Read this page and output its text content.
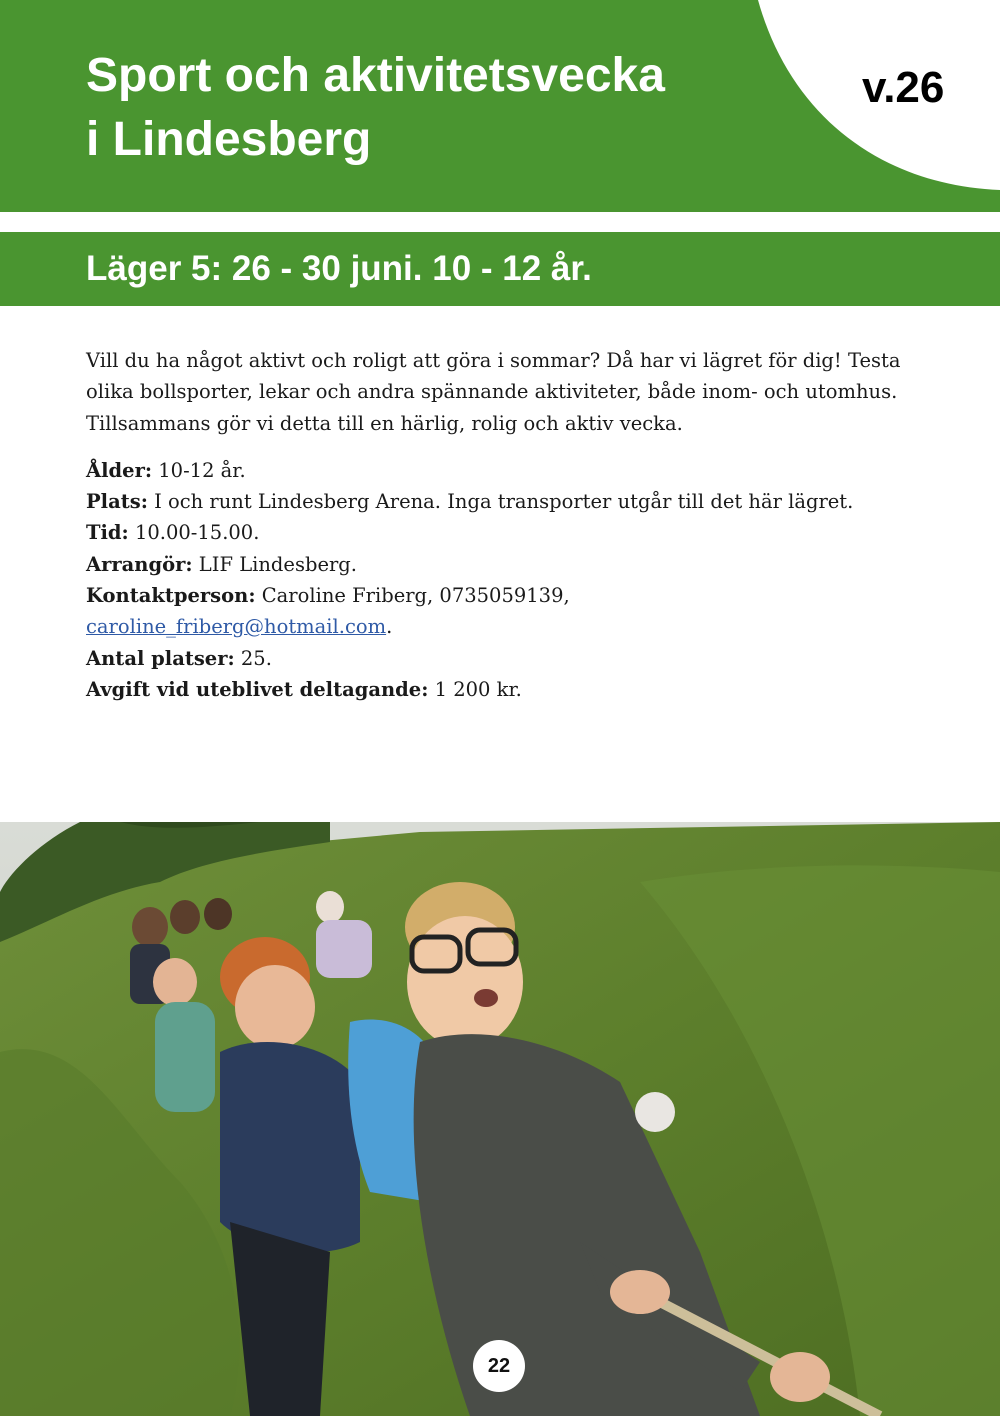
Sport och aktivitetsvecka
i Lindesberg
v.26
Läger 5: 26 - 30 juni. 10 - 12 år.

Vill du ha något aktivt och roligt att göra i sommar? Då har vi lägret för dig! Testa olika bollsporter, lekar och andra spännande aktiviteter, både inom- och utomhus. Tillsammans gör vi detta till en härlig, rolig och aktiv vecka.

Ålder: 10-12 år.
Plats: I och runt Lindesberg Arena. Inga transporter utgår till det här lägret.
Tid: 10.00-15.00.
Arrangör: LIF Lindesberg.
Kontaktperson: Caroline Friberg, 0735059139,
caroline_friberg@hotmail.com.
Antal platser: 25.
Avgift vid uteblivet deltagande: 1 200 kr.
22
